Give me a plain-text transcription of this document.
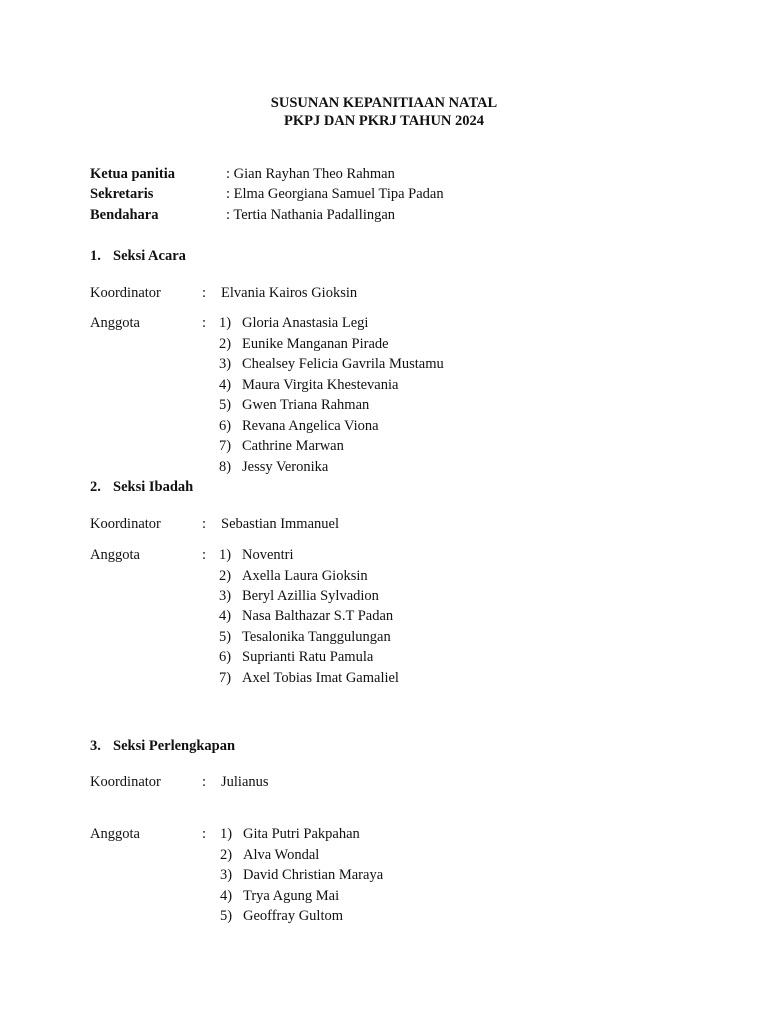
SUSUNAN KEPANITIAAN NATAL
PKPJ DAN PKRJ TAHUN 2024
Ketua panitia	: Gian Rayhan Theo Rahman
Sekretaris	: Elma Georgiana Samuel Tipa Padan
Bendahara	: Tertia Nathania Padallingan
1. Seksi Acara
Koordinator	: Elvania Kairos Gioksin
Anggota	: 1) Gloria Anastasia Legi
2) Eunike Manganan Pirade
3) Chealsey Felicia Gavrila Mustamu
4) Maura Virgita Khestevania
5) Gwen Triana Rahman
6) Revana Angelica Viona
7) Cathrine Marwan
8) Jessy Veronika
2. Seksi Ibadah
Koordinator	: Sebastian Immanuel
Anggota	: 1) Noventri
2) Axella Laura Gioksin
3) Beryl Azillia Sylvadion
4) Nasa Balthazar S.T Padan
5) Tesalonika Tanggulungan
6) Suprianti Ratu Pamula
7) Axel Tobias Imat Gamaliel
3. Seksi Perlengkapan
Koordinator	: Julianus
Anggota	: 1) Gita Putri Pakpahan
2) Alva Wondal
3) David Christian Maraya
4) Trya Agung Mai
5) Geoffray Gultom
